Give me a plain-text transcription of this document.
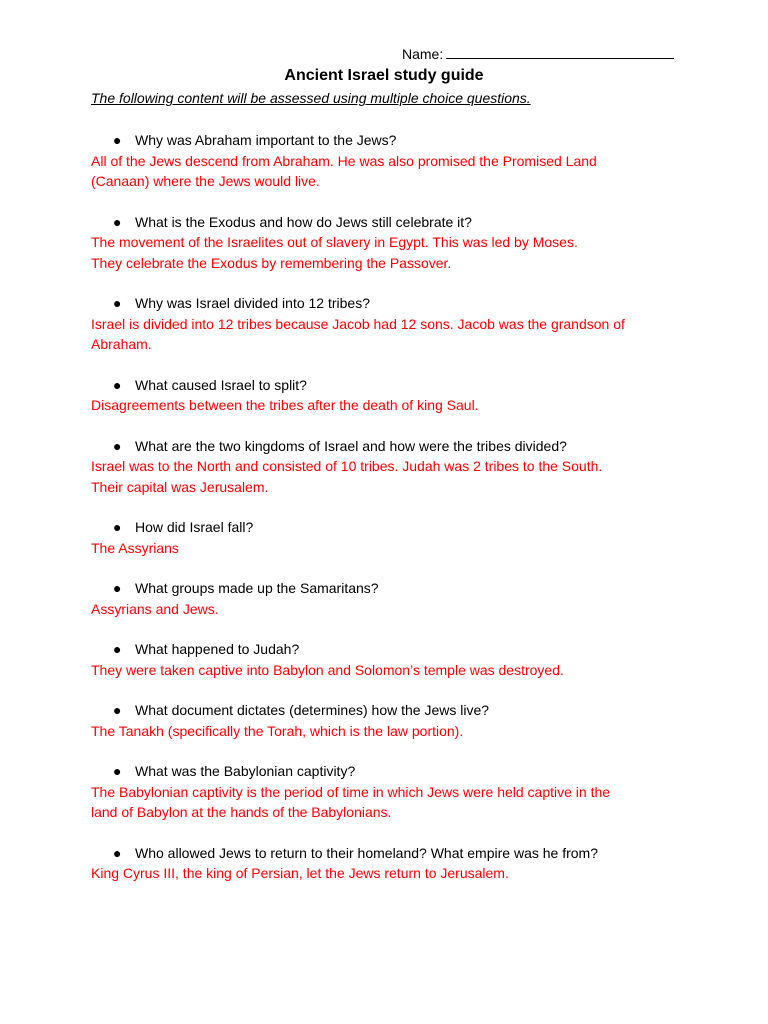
Name:
Ancient Israel study guide
The following content will be assessed using multiple choice questions.
● Why was Abraham important to the Jews?
All of the Jews descend from Abraham. He was also promised the Promised Land
(Canaan) where the Jews would live.
● What is the Exodus and how do Jews still celebrate it?
The movement of the Israelites out of slavery in Egypt. This was led by Moses.
They celebrate the Exodus by remembering the Passover.
● Why was Israel divided into 12 tribes?
Israel is divided into 12 tribes because Jacob had 12 sons. Jacob was the grandson of
Abraham.
● What caused Israel to split?
Disagreements between the tribes after the death of king Saul.
● What are the two kingdoms of Israel and how were the tribes divided?
Israel was to the North and consisted of 10 tribes. Judah was 2 tribes to the South.
Their capital was Jerusalem.
● How did Israel fall?
The Assyrians
● What groups made up the Samaritans?
Assyrians and Jews.
● What happened to Judah?
They were taken captive into Babylon and Solomon’s temple was destroyed.
● What document dictates (determines) how the Jews live?
The Tanakh (specifically the Torah, which is the law portion).
● What was the Babylonian captivity?
The Babylonian captivity is the period of time in which Jews were held captive in the
land of Babylon at the hands of the Babylonians.
● Who allowed Jews to return to their homeland? What empire was he from?
King Cyrus III, the king of Persian, let the Jews return to Jerusalem.
